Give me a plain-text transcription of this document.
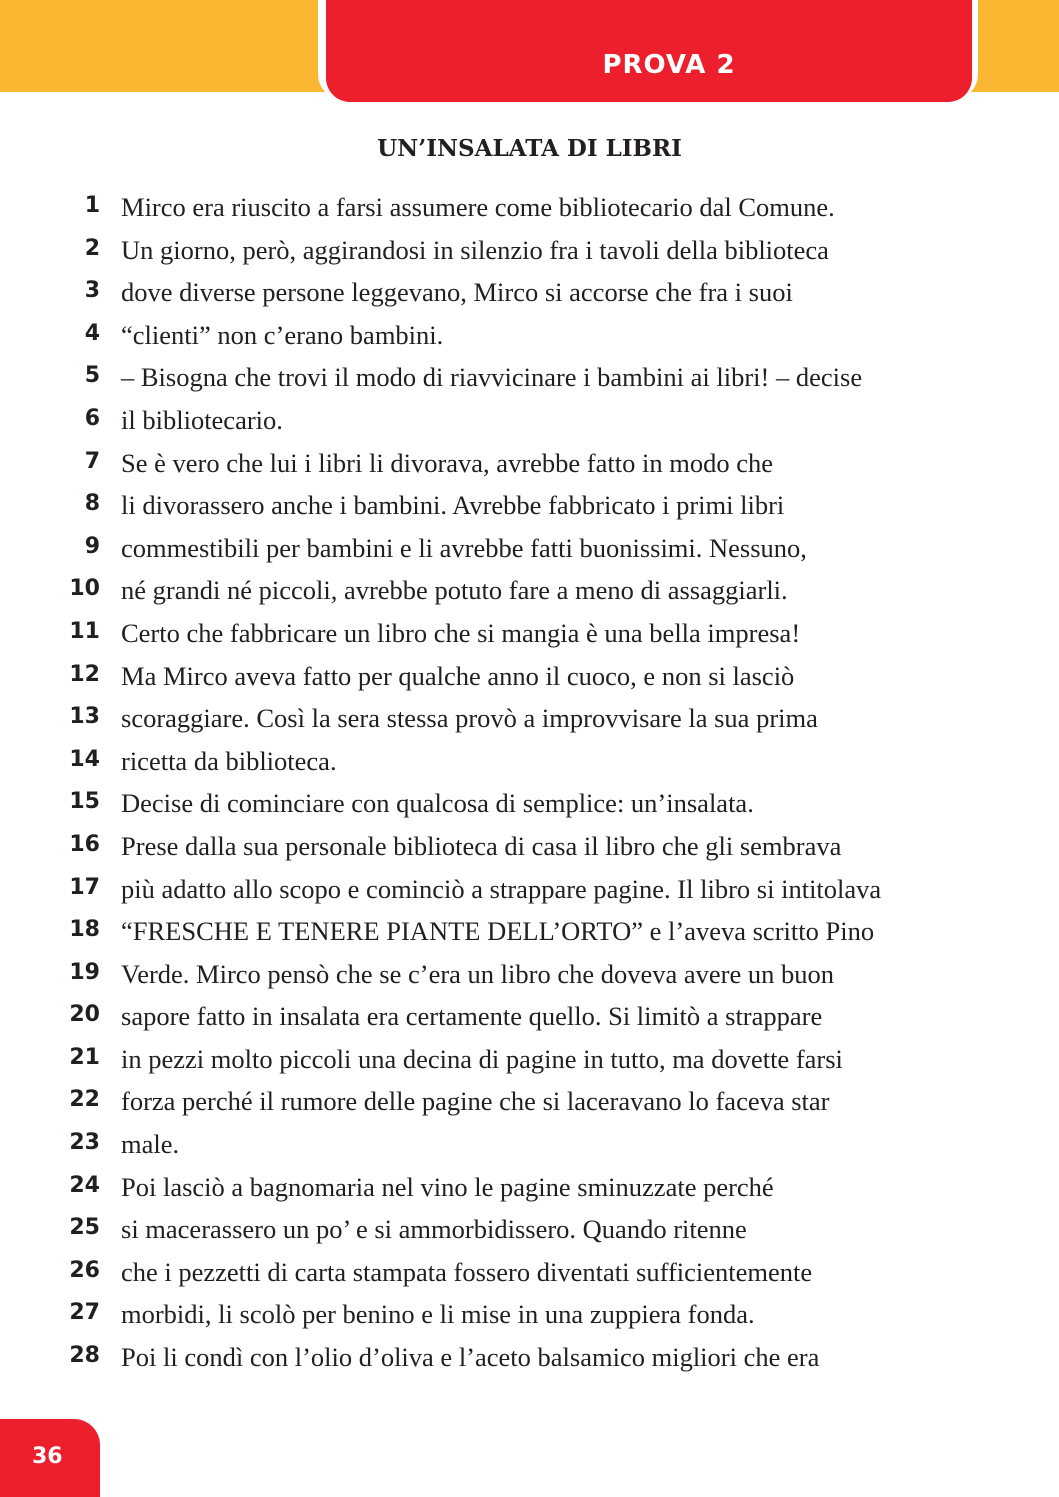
PROVA 2
UN’INSALATA DI LIBRI
1 Mirco era riuscito a farsi assumere come bibliotecario dal Comune.
2 Un giorno, però, aggirandosi in silenzio fra i tavoli della biblioteca
3 dove diverse persone leggevano, Mirco si accorse che fra i suoi
4 “clienti” non c’erano bambini.
5 – Bisogna che trovi il modo di riavvicinare i bambini ai libri! – decise
6 il bibliotecario.
7 Se è vero che lui i libri li divorava, avrebbe fatto in modo che
8 li divorassero anche i bambini. Avrebbe fabbricato i primi libri
9 commestibili per bambini e li avrebbe fatti buonissimi. Nessuno,
10 né grandi né piccoli, avrebbe potuto fare a meno di assaggiarli.
11 Certo che fabbricare un libro che si mangia è una bella impresa!
12 Ma Mirco aveva fatto per qualche anno il cuoco, e non si lasciò
13 scoraggiare. Così la sera stessa provò a improvvisare la sua prima
14 ricetta da biblioteca.
15 Decise di cominciare con qualcosa di semplice: un’insalata.
16 Prese dalla sua personale biblioteca di casa il libro che gli sembrava
17 più adatto allo scopo e cominciò a strappare pagine. Il libro si intitolava
18 “FRESCHE E TENERE PIANTE DELL’ORTO” e l’aveva scritto Pino
19 Verde. Mirco pensò che se c’era un libro che doveva avere un buon
20 sapore fatto in insalata era certamente quello. Si limitò a strappare
21 in pezzi molto piccoli una decina di pagine in tutto, ma dovette farsi
22 forza perché il rumore delle pagine che si laceravano lo faceva star
23 male.
24 Poi lasciò a bagnomaria nel vino le pagine sminuzzate perché
25 si macerassero un po’ e si ammorbidissero. Quando ritenne
26 che i pezzetti di carta stampata fossero diventati sufficientemente
27 morbidi, li scolò per benino e li mise in una zuppiera fonda.
28 Poi li condì con l’olio d’oliva e l’aceto balsamico migliori che era
36
